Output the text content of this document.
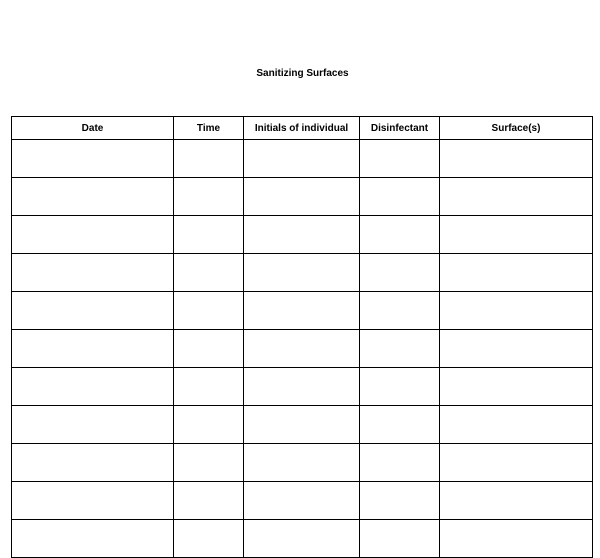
Sanitizing Surfaces
Date	Time	Initials of individual	Disinfectant	Surface(s)
